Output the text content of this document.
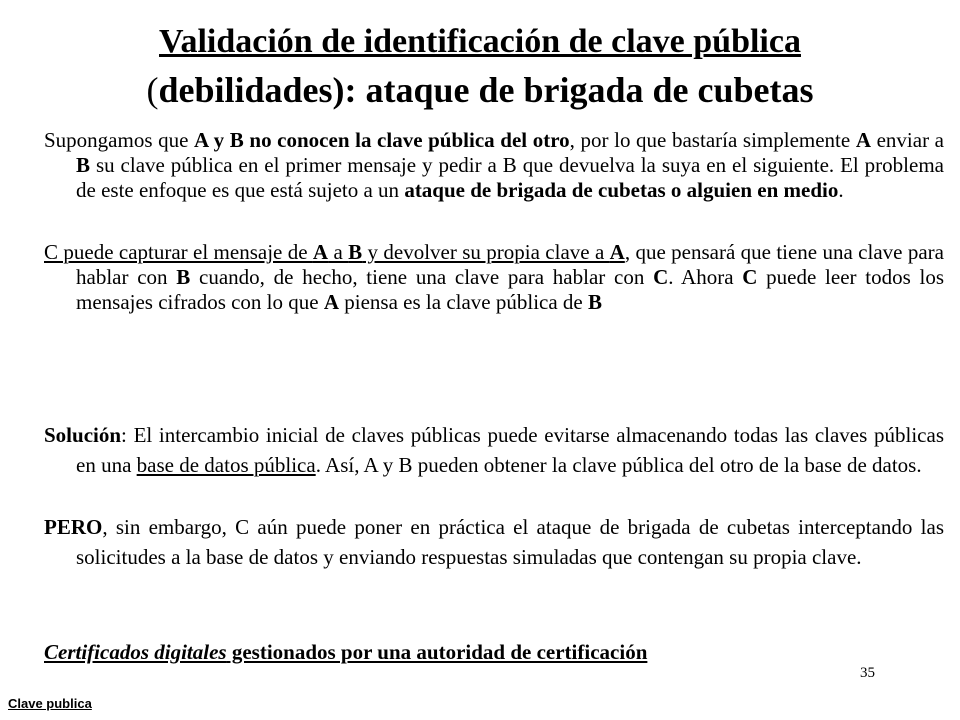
Validación de identificación de clave pública
(debilidades): ataque de brigada de cubetas

Supongamos que A y B no conocen la clave pública del otro, por lo que bastaría simplemente A enviar a B su clave pública en el primer mensaje y pedir a B que devuelva la suya en el siguiente. El problema de este enfoque es que está sujeto a un ataque de brigada de cubetas o alguien en medio.

C puede capturar el mensaje de A a B y devolver su propia clave a A, que pensará que tiene una clave para hablar con B cuando, de hecho, tiene una clave para hablar con C. Ahora C puede leer todos los mensajes cifrados con lo que A piensa es la clave pública de B

Solución: El intercambio inicial de claves públicas puede evitarse almacenando todas las claves públicas en una base de datos pública. Así, A y B pueden obtener la clave pública del otro de la base de datos.

PERO, sin embargo, C aún puede poner en práctica el ataque de brigada de cubetas interceptando las solicitudes a la base de datos y enviando respuestas simuladas que contengan su propia clave.

Certificados digitales gestionados por una autoridad de certificación

35
Clave publica
